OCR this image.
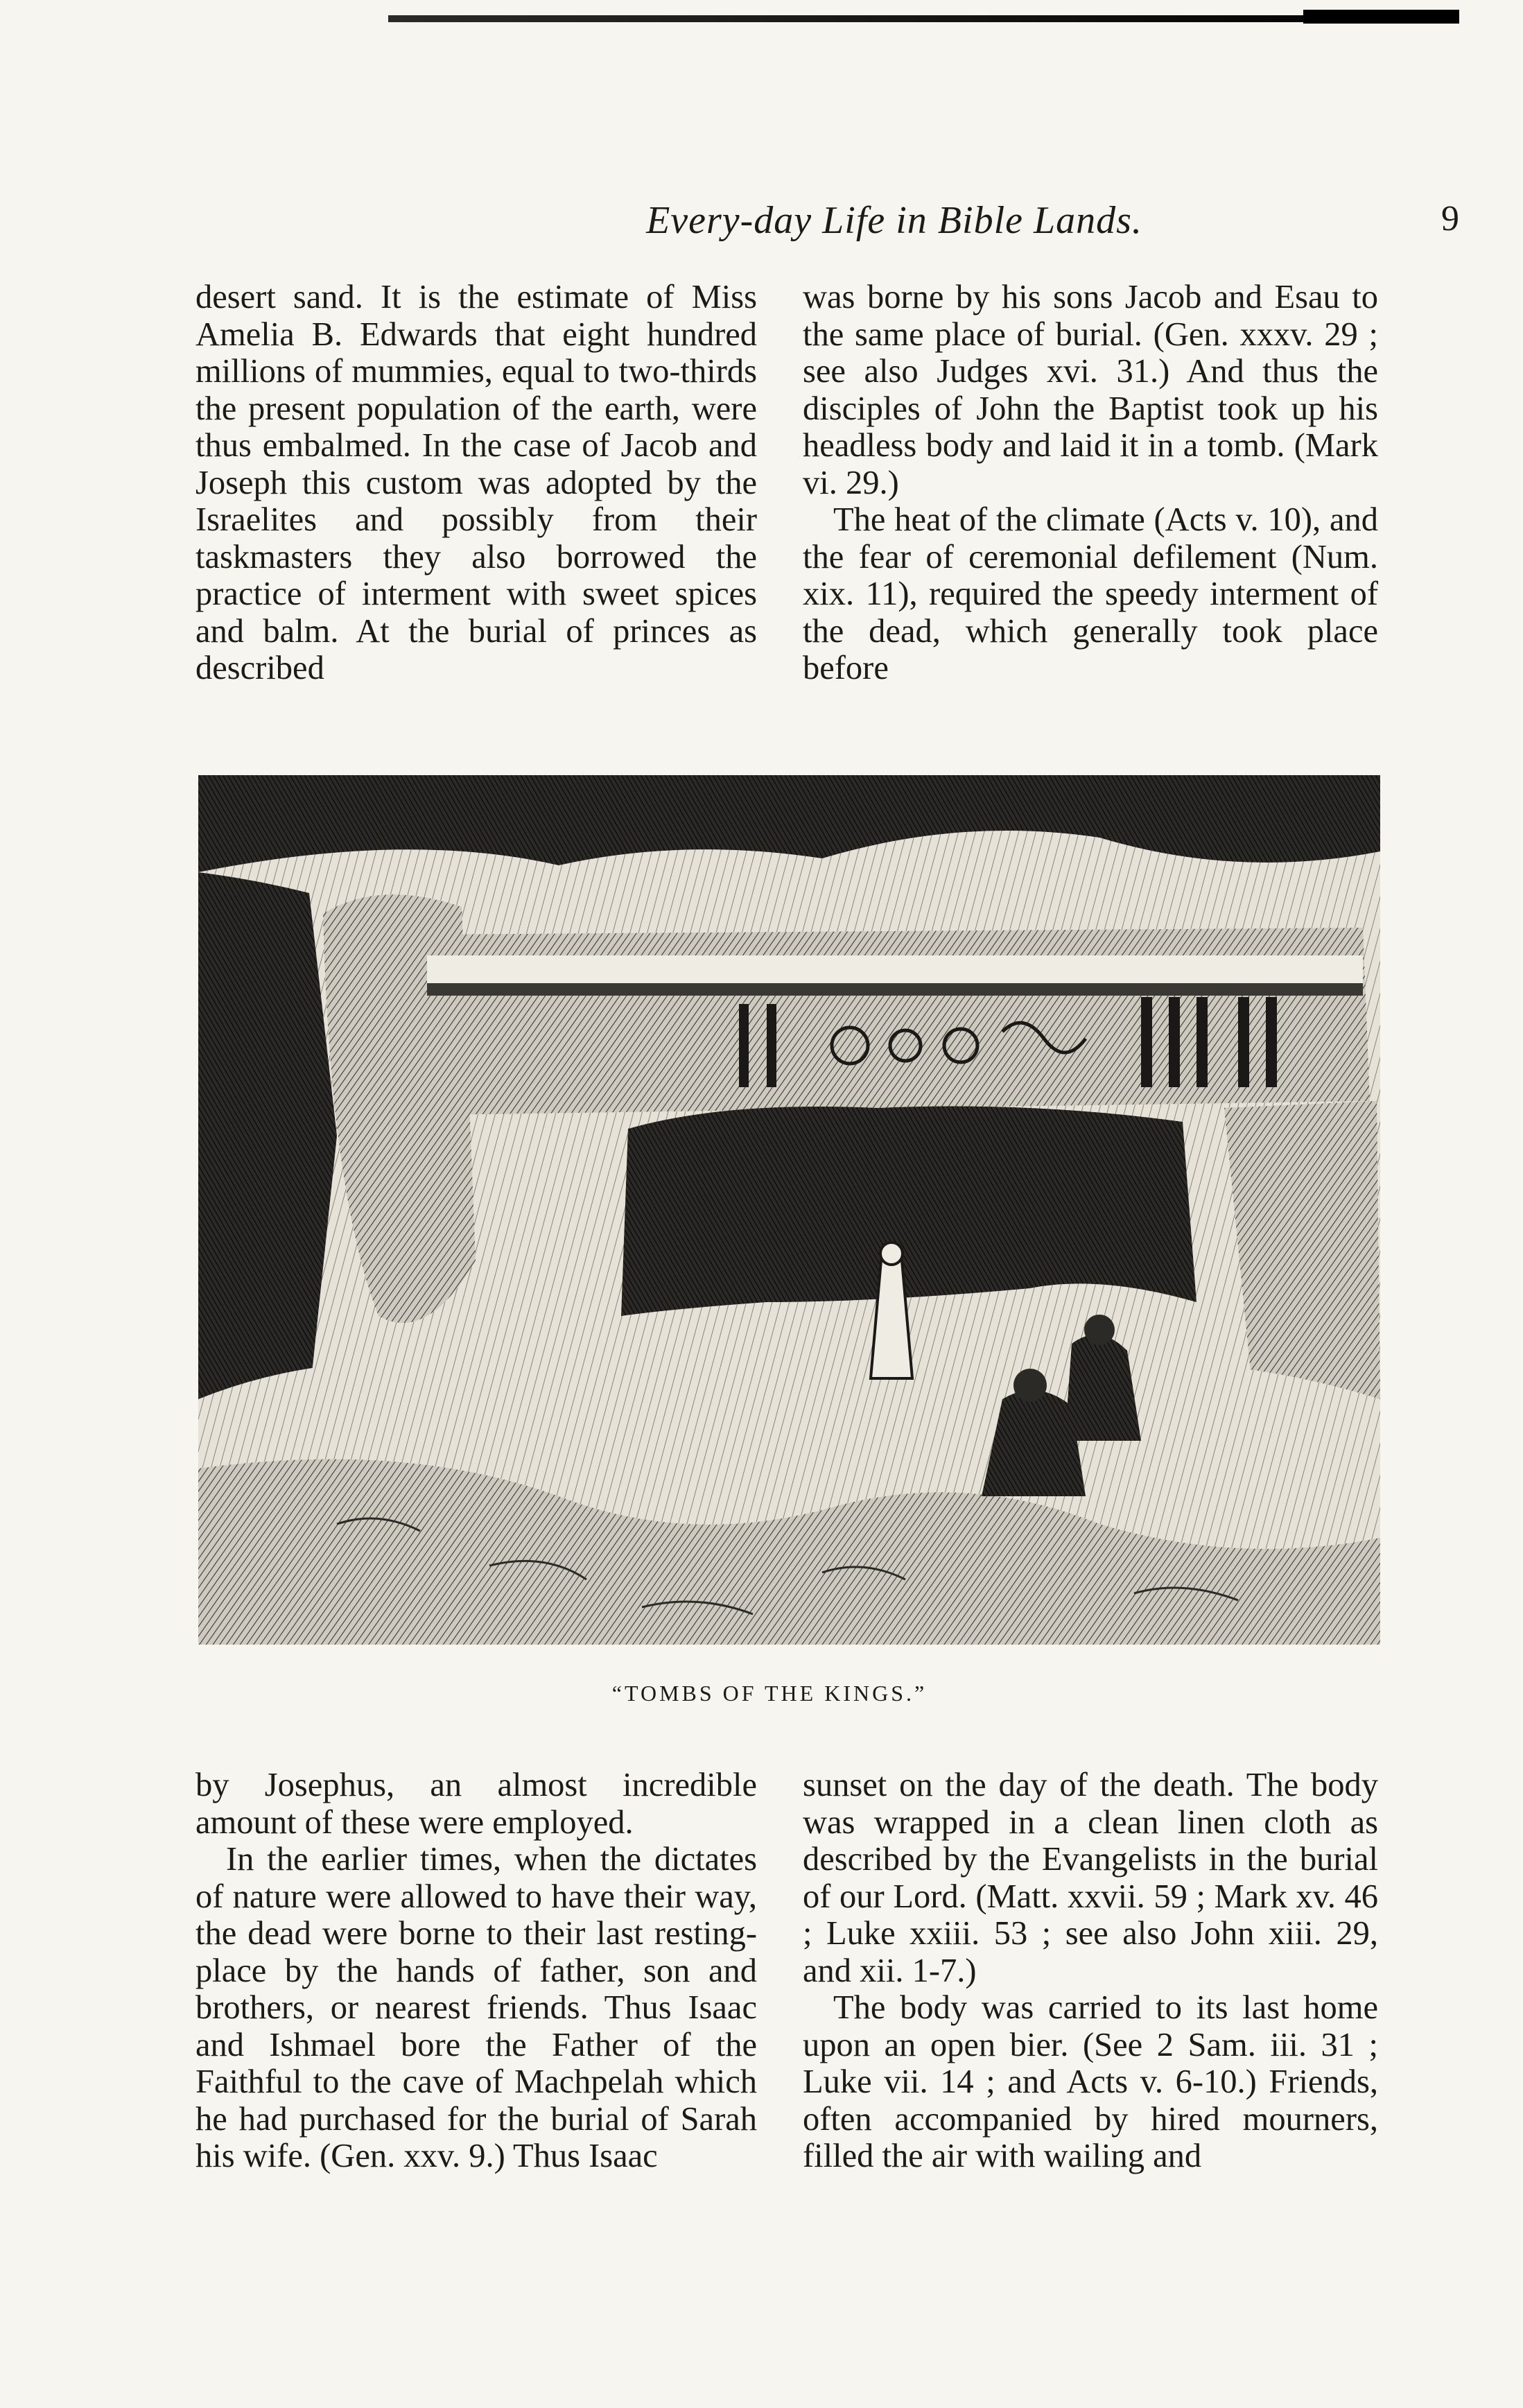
Every-day Life in Bible Lands.	9

desert sand. It is the estimate of Miss Amelia B. Edwards that eight hundred millions of mummies, equal to two-thirds the present population of the earth, were thus embalmed. In the case of Jacob and Joseph this custom was adopted by the Israelites and possibly from their taskmasters they also borrowed the practice of interment with sweet spices and balm. At the burial of princes as described

was borne by his sons Jacob and Esau to the same place of burial. (Gen. xxxv. 29 ; see also Judges xvi. 31.) And thus the disciples of John the Baptist took up his headless body and laid it in a tomb. (Mark vi. 29.)

The heat of the climate (Acts v. 10), and the fear of ceremonial defilement (Num. xix. 11), required the speedy interment of the dead, which generally took place before

“TOMBS OF THE KINGS.”

by Josephus, an almost incredible amount of these were employed.

In the earlier times, when the dictates of nature were allowed to have their way, the dead were borne to their last resting-place by the hands of father, son and brothers, or nearest friends. Thus Isaac and Ishmael bore the Father of the Faithful to the cave of Machpelah which he had purchased for the burial of Sarah his wife. (Gen. xxv. 9.) Thus Isaac

sunset on the day of the death. The body was wrapped in a clean linen cloth as described by the Evangelists in the burial of our Lord. (Matt. xxvii. 59 ; Mark xv. 46 ; Luke xxiii. 53 ; see also John xiii. 29, and xii. 1-7.)

The body was carried to its last home upon an open bier. (See 2 Sam. iii. 31 ; Luke vii. 14 ; and Acts v. 6-10.) Friends, often accompanied by hired mourners, filled the air with wailing and
